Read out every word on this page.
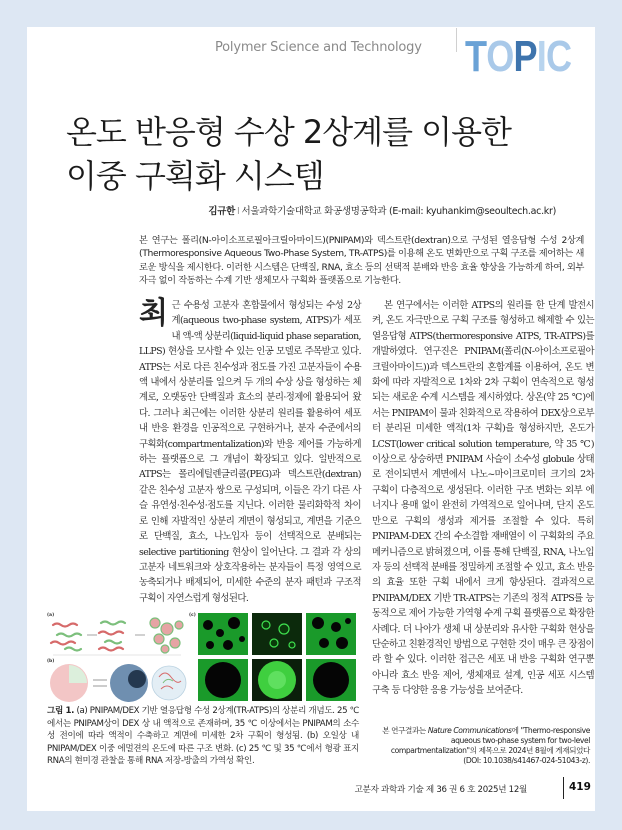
Polymer Science and Technology TOPIC
온도 반응형 수상 2상계를 이용한
이중 구획화 시스템
김규한 I 서울과학기술대학교 화공생명공학과 (E-mail: kyuhankim@seoultech.ac.kr)
본 연구는 폴리(N-아이소프로필아크릴아마이드)(PNIPAM)와 덱스트란(dextran)으로 구성된 열응답형 수성 2상계(Thermoresponsive Aqueous Two-Phase System, TR-ATPS)를 이용해 온도 변화만으로 구획 구조를 제어하는 새로운 방식을 제시한다. 이러한 시스템은 단백질, RNA, 효소 등의 선택적 분배와 반응 효율 향상을 가능하게 하여, 외부 자극 없이 작동하는 수계 기반 생체모사 구획화 플랫폼으로 기능한다.
최근 수용성 고분자 혼합물에서 형성되는 수성 2상계(aqueous two-phase system, ATPS)가 세포 내 액-액 상분리(liquid-liquid phase separation, LLPS) 현상을 모사할 수 있는 인공 모델로 주목받고 있다. ATPS는 서로 다른 친수성과 점도를 가진 고분자들이 수용액 내에서 상분리를 일으켜 두 개의 수상 상을 형성하는 체계로, 오랫동안 단백질과 효소의 분리·정제에 활용되어 왔다. 그러나 최근에는 이러한 상분리 원리를 활용하여 세포 내 반응 환경을 인공적으로 구현하거나, 분자 수준에서의 구획화(compartmentalization)와 반응 제어를 가능하게 하는 플랫폼으로 그 개념이 확장되고 있다. 일반적으로 ATPS는 폴리에틸렌글리콜(PEG)과 덱스트란(dextran) 같은 친수성 고분자 쌍으로 구성되며, 이들은 각기 다른 사슬 유연성·친수성·점도를 지닌다. 이러한 물리화학적 차이로 인해 자발적인 상분리 계면이 형성되고, 계면을 기준으로 단백질, 효소, 나노입자 등이 선택적으로 분배되는 selective partitioning 현상이 일어난다. 그 결과 각 상의 고분자 네트워크와 상호작용하는 분자들이 특정 영역으로 농축되거나 배제되어, 미세한 수준의 분자 패턴과 구조적 구획이 자연스럽게 형성된다.
본 연구에서는 이러한 ATPS의 원리를 한 단계 발전시켜, 온도 자극만으로 구획 구조를 형성하고 해제할 수 있는 열응답형 ATPS(thermoresponsive ATPS, TR-ATPS)를 개발하였다. 연구진은 PNIPAM(폴리(N-아이소프로필아크릴아마이드))과 덱스트란의 혼합계를 이용하여, 온도 변화에 따라 자발적으로 1차와 2차 구획이 연속적으로 형성되는 새로운 수계 시스템을 제시하였다. 상온(약 25 ℃)에서는 PNIPAM이 물과 친화적으로 작용하여 DEX상으로부터 분리된 미세한 액적(1차 구획)을 형성하지만, 온도가 LCST(lower critical solution temperature, 약 35 ℃) 이상으로 상승하면 PNIPAM 사슬이 소수성 globule 상태로 전이되면서 계면에서 나노~마이크로미터 크기의 2차 구획이 다층적으로 생성된다. 이러한 구조 변화는 외부 에너지나 용매 없이 완전히 가역적으로 일어나며, 단지 온도만으로 구획의 생성과 제거를 조절할 수 있다. 특히 PNIPAM-DEX 간의 수소결합 재배열이 이 구획화의 주요 메커니즘으로 밝혀졌으며, 이를 통해 단백질, RNA, 나노입자 등의 선택적 분배를 정밀하게 조절할 수 있고, 효소 반응의 효율 또한 구획 내에서 크게 향상된다. 결과적으로 PNIPAM/DEX 기반 TR-ATPS는 기존의 정적 ATPS를 능동적으로 제어 가능한 가역형 수계 구획 플랫폼으로 확장한 사례다. 더 나아가 생체 내 상분리와 유사한 구획화 현상을 단순하고 친환경적인 방법으로 구현한 것이 매우 큰 장점이라 할 수 있다. 이러한 접근은 세포 내 반응 구획화 연구뿐 아니라 효소 반응 제어, 생체재료 설계, 인공 세포 시스템 구축 등 다양한 응용 가능성을 보여준다.
(a)
(b)
(c)
그림 1. (a) PNIPAM/DEX 기반 열응답형 수성 2상계(TR-ATPS)의 상분리 개념도. 25 ℃에서는 PNIPAM상이 DEX 상 내 액적으로 존재하며, 35 ℃ 이상에서는 PNIPAM의 소수성 전이에 따라 액적이 수축하고 계면에 미세한 2차 구획이 형성됨. (b) 오일상 내 PNIPAM/DEX 이중 에멀젼의 온도에 따른 구조 변화. (c) 25 ℃ 및 35 ℃에서 형광 표지 RNA의 현미경 관찰을 통해 RNA 저장-방출의 가역성 확인.
본 연구결과는 Nature Communications에 "Thermo-responsive aqueous two-phase system for two-level compartmentalization"의 제목으로 2024년 8월에 게재되었다 (DOI: 10.1038/s41467-024-51043-z).
고분자 과학과 기술 제 36 권 6 호 2025년 12월	419
